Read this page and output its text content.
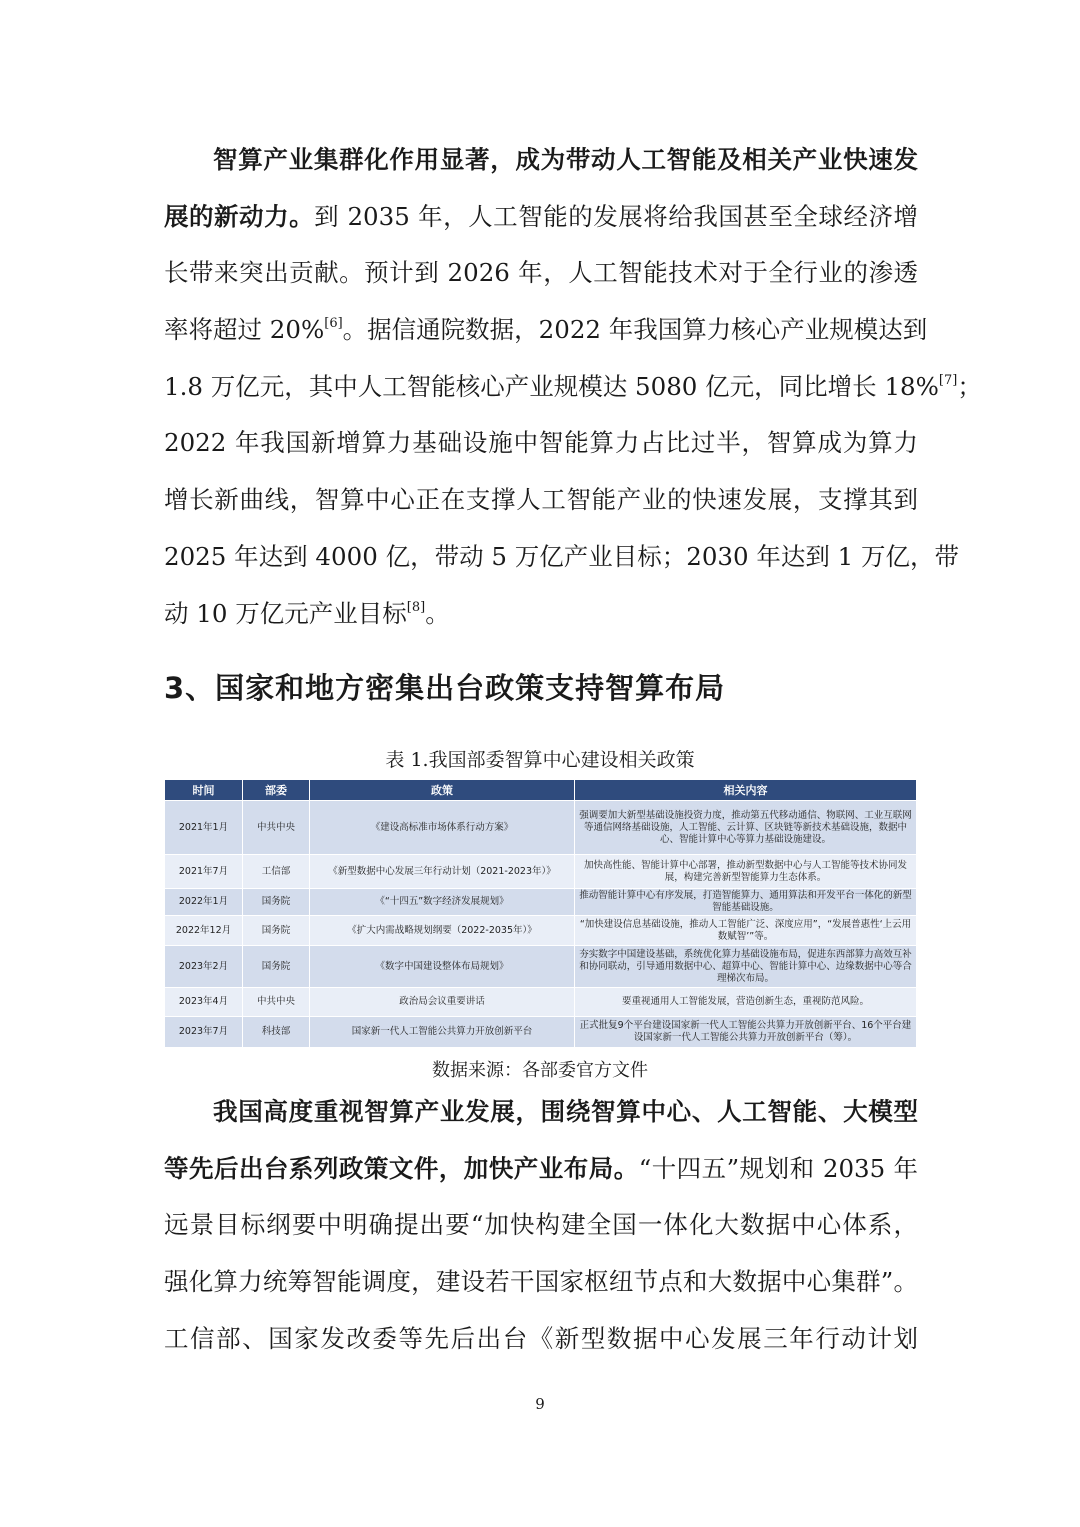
智算产业集群化作用显著，成为带动人工智能及相关产业快速发
展的新动力。到 2035 年，人工智能的发展将给我国甚至全球经济增
长带来突出贡献。预计到 2026 年，人工智能技术对于全行业的渗透
率将超过 20%[6]。据信通院数据，2022 年我国算力核心产业规模达到
1.8 万亿元，其中人工智能核心产业规模达 5080 亿元，同比增长 18%[7]；
2022 年我国新增算力基础设施中智能算力占比过半，智算成为算力
增长新曲线，智算中心正在支撑人工智能产业的快速发展，支撑其到
2025 年达到 4000 亿，带动 5 万亿产业目标；2030 年达到 1 万亿，带
动 10 万亿元产业目标[8]。
3、国家和地方密集出台政策支持智算布局
表 1.我国部委智算中心建设相关政策
时间	部委	政策	相关内容
2021年1月	中共中央	《建设高标准市场体系行动方案》	强调要加大新型基础设施投资力度，推动第五代移动通信、物联网、工业互联网等通信网络基础设施，人工智能、云计算、区块链等新技术基础设施，数据中心、智能计算中心等算力基础设施建设。
2021年7月	工信部	《新型数据中心发展三年行动计划（2021-2023年）》	加快高性能、智能计算中心部署，推动新型数据中心与人工智能等技术协同发展，构建完善新型智能算力生态体系。
2022年1月	国务院	《“十四五”数字经济发展规划》	推动智能计算中心有序发展，打造智能算力、通用算法和开发平台一体化的新型智能基础设施。
2022年12月	国务院	《扩大内需战略规划纲要（2022-2035年）》	“加快建设信息基础设施，推动人工智能广泛、深度应用”，“发展普惠性‘上云用数赋智’”等。
2023年2月	国务院	《数字中国建设整体布局规划》	夯实数字中国建设基础，系统优化算力基础设施布局，促进东西部算力高效互补和协同联动，引导通用数据中心、超算中心、智能计算中心、边缘数据中心等合理梯次布局。
2023年4月	中共中央	政治局会议重要讲话	要重视通用人工智能发展，营造创新生态，重视防范风险。
2023年7月	科技部	国家新一代人工智能公共算力开放创新平台	正式批复9个平台建设国家新一代人工智能公共算力开放创新平台、16个平台建设国家新一代人工智能公共算力开放创新平台（筹）。
数据来源：各部委官方文件
我国高度重视智算产业发展，围绕智算中心、人工智能、大模型
等先后出台系列政策文件，加快产业布局。“十四五”规划和 2035 年
远景目标纲要中明确提出要“加快构建全国一体化大数据中心体系，
强化算力统筹智能调度，建设若干国家枢纽节点和大数据中心集群”。
工信部、国家发改委等先后出台《新型数据中心发展三年行动计划
9
